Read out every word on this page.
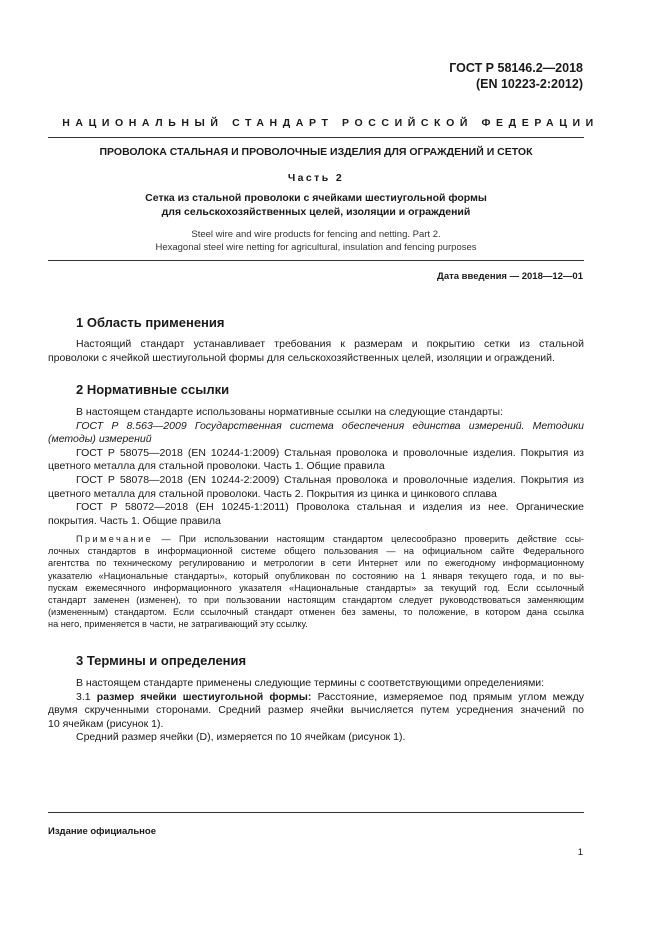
ГОСТ Р 58146.2—2018
(EN 10223-2:2012)
НАЦИОНАЛЬНЫЙ СТАНДАРТ РОССИЙСКОЙ ФЕДЕРАЦИИ
ПРОВОЛОКА СТАЛЬНАЯ И ПРОВОЛОЧНЫЕ ИЗДЕЛИЯ ДЛЯ ОГРАЖДЕНИЙ И СЕТОК
Часть 2
Сетка из стальной проволоки с ячейками шестиугольной формы
для сельскохозяйственных целей, изоляции и ограждений
Steel wire and wire products for fencing and netting. Part 2.
Hexagonal steel wire netting for agricultural, insulation and fencing purposes
Дата введения — 2018—12—01
1 Область применения
Настоящий стандарт устанавливает требования к размерам и покрытию сетки из стальной
проволоки с ячейкой шестиугольной формы для сельскохозяйственных целей, изоляции и ограждений.
2 Нормативные ссылки
В настоящем стандарте использованы нормативные ссылки на следующие стандарты:
ГОСТ Р 8.563—2009 Государственная система обеспечения единства измерений. Методики
(методы) измерений
ГОСТ Р 58075—2018 (EN 10244-1:2009) Стальная проволока и проволочные изделия. Покрытия из
цветного металла для стальной проволоки. Часть 1. Общие правила
ГОСТ Р 58078—2018 (EN 10244-2:2009) Стальная проволока и проволочные изделия. Покрытия из
цветного металла для стальной проволоки. Часть 2. Покрытия из цинка и цинкового сплава
ГОСТ Р 58072—2018 (EH 10245-1:2011) Проволока стальная и изделия из нее. Органические
покрытия. Часть 1. Общие правила
Примечание — При использовании настоящим стандартом целесообразно проверить действие ссы-
лочных стандартов в информационной системе общего пользования — на официальном сайте Федерального
агентства по техническому регулированию и метрологии в сети Интернет или по ежегодному информационному
указателю «Национальные стандарты», который опубликован по состоянию на 1 января текущего года, и по вы-
пускам ежемесячного информационного указателя «Национальные стандарты» за текущий год. Если ссылочный
стандарт заменен (изменен), то при пользовании настоящим стандартом следует руководствоваться заменяющим
(измененным) стандартом. Если ссылочный стандарт отменен без замены, то положение, в котором дана ссылка
на него, применяется в части, не затрагивающий эту ссылку.
3 Термины и определения
В настоящем стандарте применены следующие термины с соответствующими определениями:
3.1 размер ячейки шестиугольной формы: Расстояние, измеряемое под прямым углом между
двумя скрученными сторонами. Средний размер ячейки вычисляется путем усреднения значений по
10 ячейкам (рисунок 1).
Средний размер ячейки (D), измеряется по 10 ячейкам (рисунок 1).
Издание официальное
1
